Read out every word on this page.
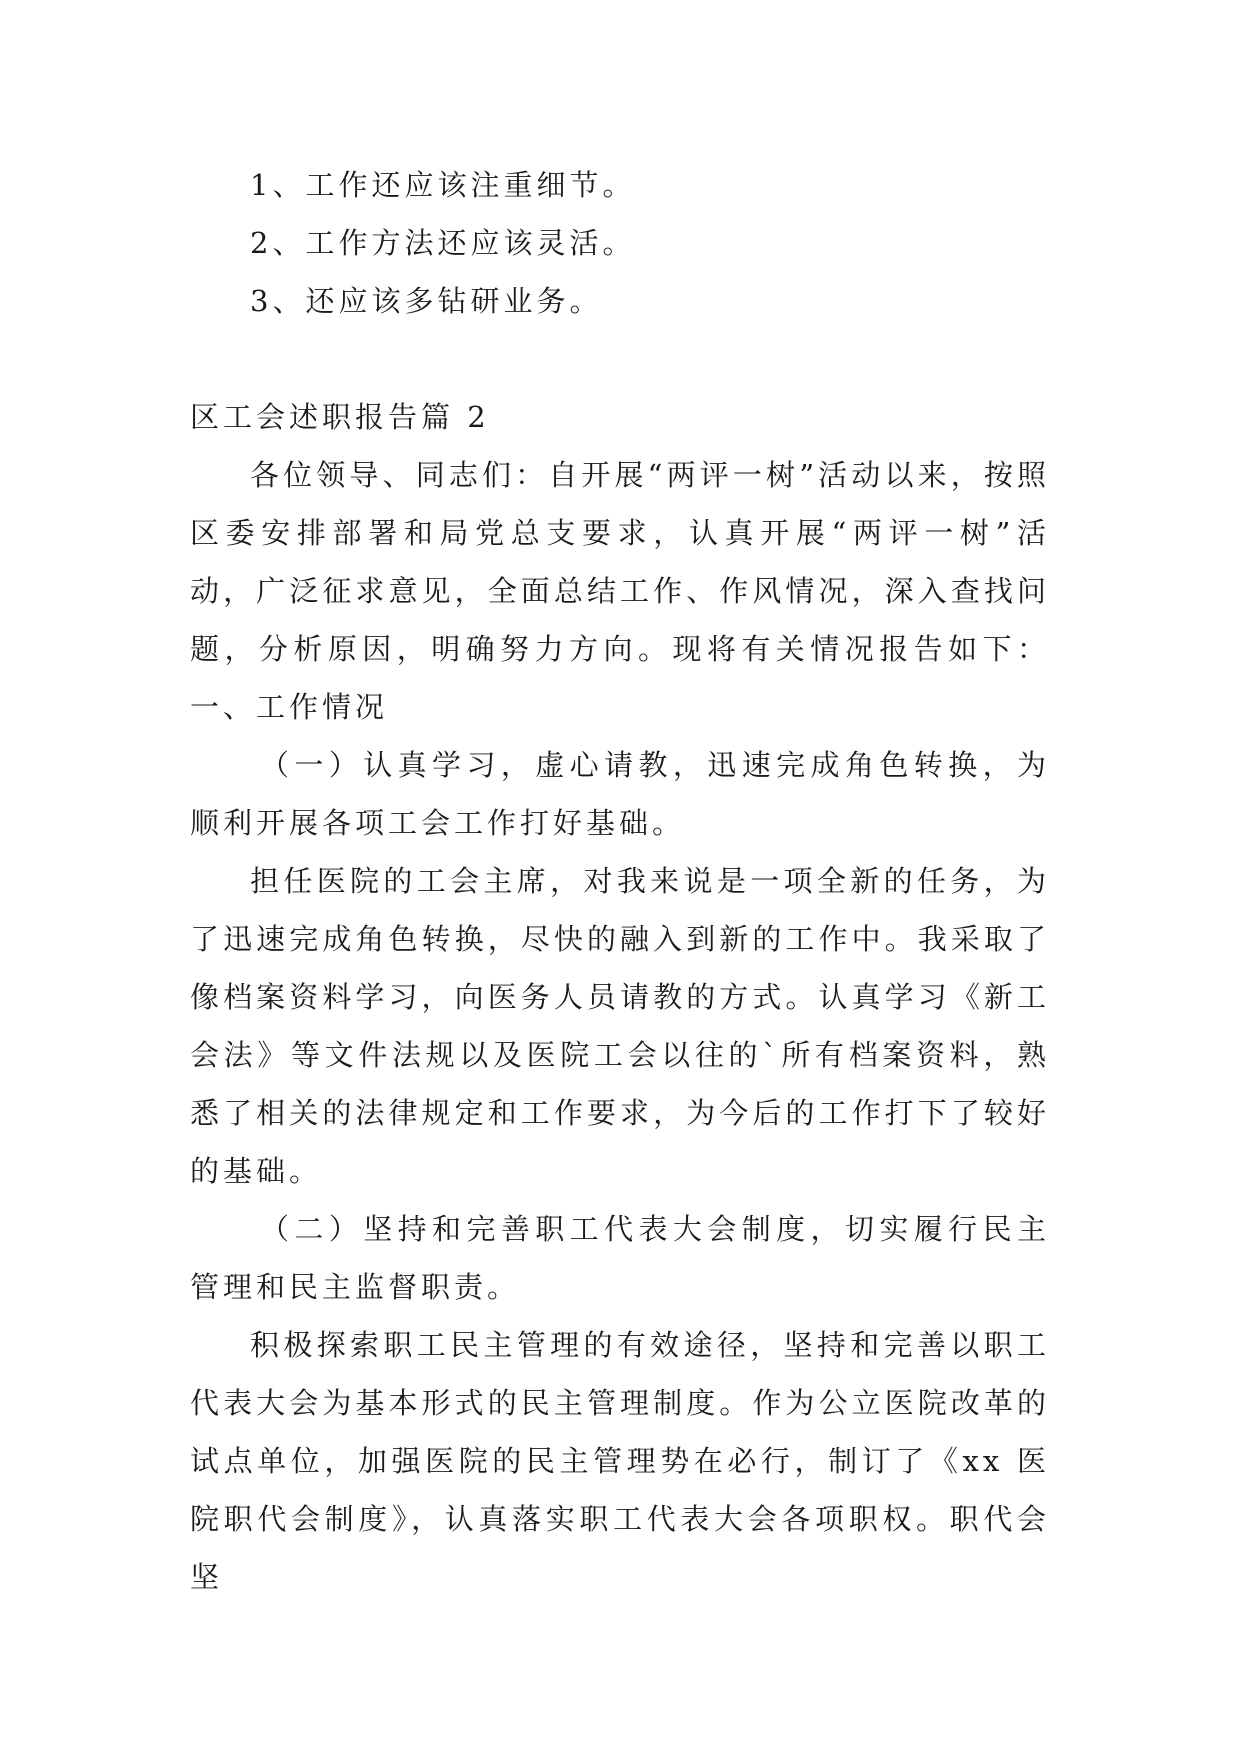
1、工作还应该注重细节。

2、工作方法还应该灵活。

3、还应该多钻研业务。

区工会述职报告篇 2

各位领导、同志们：自开展“两评一树”活动以来，按照区委安排部署和局党总支要求，认真开展“两评一树”活动，广泛征求意见，全面总结工作、作风情况，深入查找问题，分析原因，明确努力方向。现将有关情况报告如下：一、工作情况

（一）认真学习，虚心请教，迅速完成角色转换，为顺利开展各项工会工作打好基础。

担任医院的工会主席，对我来说是一项全新的任务，为了迅速完成角色转换，尽快的融入到新的工作中。我采取了像档案资料学习，向医务人员请教的方式。认真学习《新工会法》等文件法规以及医院工会以往的`所有档案资料，熟悉了相关的法律规定和工作要求，为今后的工作打下了较好的基础。

（二）坚持和完善职工代表大会制度，切实履行民主管理和民主监督职责。

积极探索职工民主管理的有效途径，坚持和完善以职工代表大会为基本形式的民主管理制度。作为公立医院改革的试点单位，加强医院的民主管理势在必行，制订了《xx 医院职代会制度》，认真落实职工代表大会各项职权。职代会坚
